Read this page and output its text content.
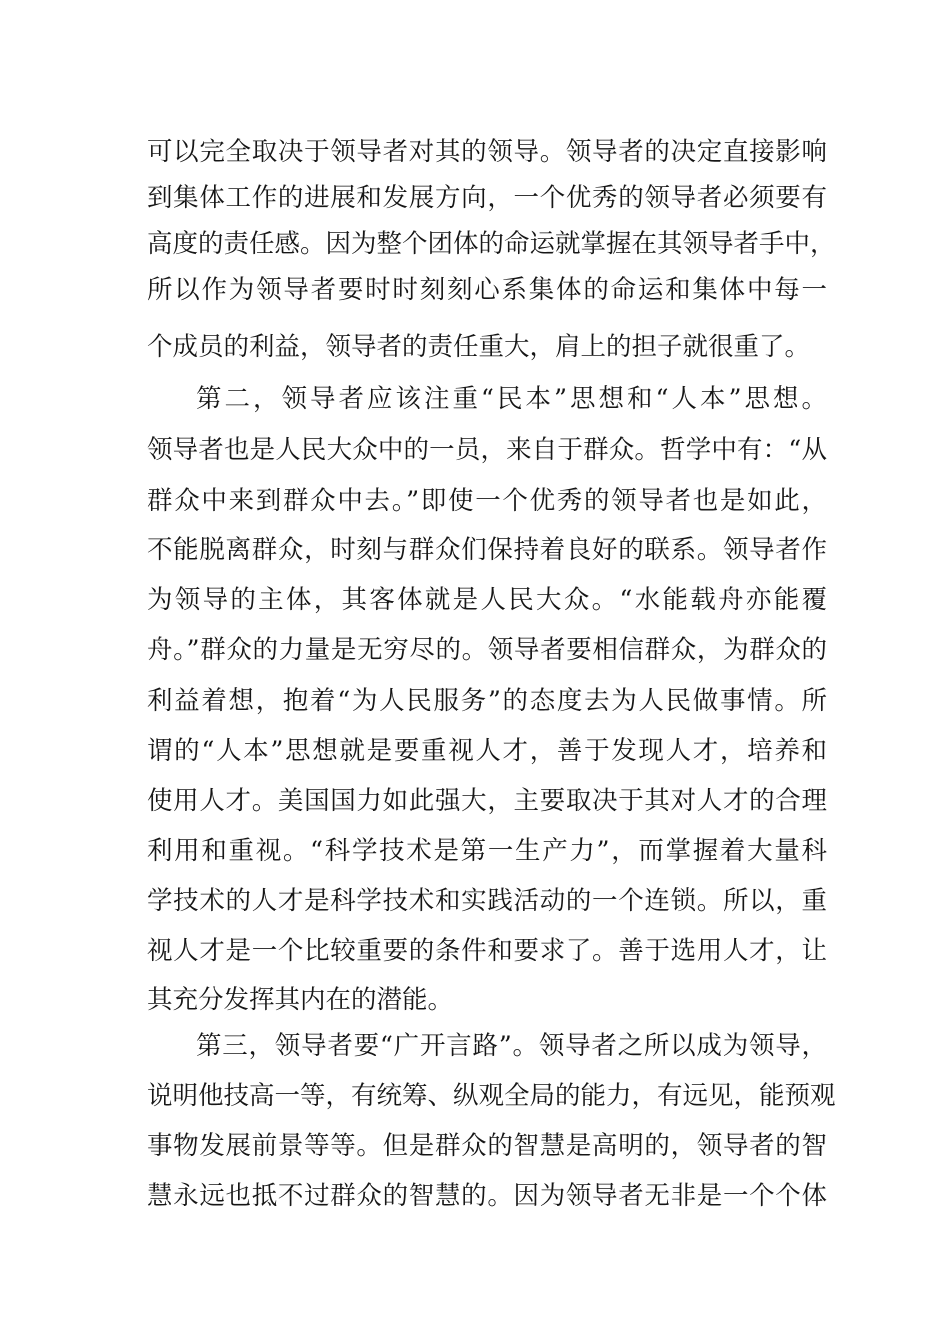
可以完全取决于领导者对其的领导。领导者的决定直接影响
到集体工作的进展和发展方向，一个优秀的领导者必须要有
高度的责任感。因为整个团体的命运就掌握在其领导者手中，
所以作为领导者要时时刻刻心系集体的命运和集体中每一
个成员的利益，领导者的责任重大，肩上的担子就很重了。
第二，领导者应该注重“民本”思想和“人本”思想。
领导者也是人民大众中的一员，来自于群众。哲学中有：“从
群众中来到群众中去。”即使一个优秀的领导者也是如此，
不能脱离群众，时刻与群众们保持着良好的联系。领导者作
为领导的主体，其客体就是人民大众。“水能载舟亦能覆
舟。”群众的力量是无穷尽的。领导者要相信群众，为群众的
利益着想，抱着“为人民服务”的态度去为人民做事情。所
谓的“人本”思想就是要重视人才，善于发现人才，培养和
使用人才。美国国力如此强大，主要取决于其对人才的合理
利用和重视。“科学技术是第一生产力”，而掌握着大量科
学技术的人才是科学技术和实践活动的一个连锁。所以，重
视人才是一个比较重要的条件和要求了。善于选用人才，让
其充分发挥其内在的潜能。
第三，领导者要“广开言路”。领导者之所以成为领导，
说明他技高一等，有统筹、纵观全局的能力，有远见，能预观
事物发展前景等等。但是群众的智慧是高明的，领导者的智
慧永远也抵不过群众的智慧的。因为领导者无非是一个个体
